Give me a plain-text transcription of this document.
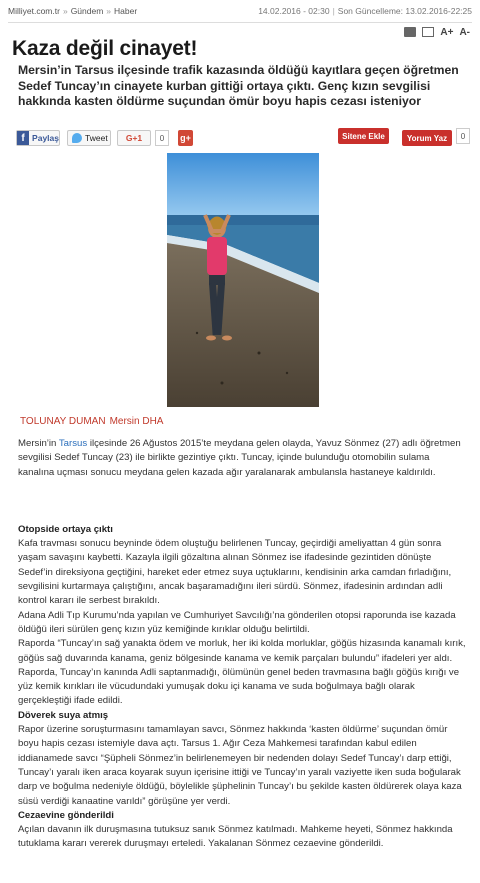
Milliyet.com.tr » Gündem » Haber	14.02.2016 - 02:30 | Son Güncelleme: 13.02.2016-22:25
A+ A-
Kaza değil cinayet!
Mersin’in Tarsus ilçesinde trafik kazasında öldüğü kayıtlara geçen öğretmen Sedef Tuncay’ın cinayete kurban gittiği ortaya çıktı. Genç kızın sevgilisi hakkında kasten öldürme suçundan ömür boyu hapis cezası isteniyor
f Paylaş	Tweet	G+1	0	g+	Sitene Ekle	Yorum Yaz	0
TOLUNAY DUMAN Mersin DHA

Mersin’in Tarsus ilçesinde 26 Ağustos 2015’te meydana gelen olayda, Yavuz Sönmez (27) adlı öğretmen sevgilisi Sedef Tuncay (23) ile birlikte gezintiye çıktı. Tuncay, içinde bulunduğu otomobilin sulama kanalına uçması sonucu meydana gelen kazada ağır yaralanarak ambulansla hastaneye kaldırıldı.

Otopside ortaya çıktı

Kafa travması sonucu beyninde ödem oluştuğu belirlenen Tuncay, geçirdiği ameliyattan 4 gün sonra yaşam savaşını kaybetti. Kazayla ilgili gözaltına alınan Sönmez ise ifadesinde gezintiden dönüşte Sedef’in direksiyona geçtiğini, hareket eder etmez suya uçtuklarını, kendisinin arka camdan fırladığını, sevgilisini kurtarmaya çalıştığını, ancak başaramadığını ileri sürdü. Sönmez, ifadesinin ardından adli kontrol kararı ile serbest bırakıldı.

Adana Adli Tıp Kurumu’nda yapılan ve Cumhuriyet Savcılığı’na gönderilen otopsi raporunda ise kazada öldüğü ileri sürülen genç kızın yüz kemiğinde kırıklar olduğu belirtildi.

Raporda “Tuncay’ın sağ yanakta ödem ve morluk, her iki kolda morluklar, göğüs hizasında kanamalı kırık, göğüs sağ duvarında kanama, geniz bölgesinde kanama ve kemik parçaları bulundu” ifadeleri yer aldı. Raporda, Tuncay’ın kanında Adli saptanmadığı, ölümünün genel beden travmasına bağlı göğüs kırığı ve yüz kemik kırıkları ile vücudundaki yumuşak doku içi kanama ve suda boğulmaya bağlı olarak gerçekleştiği ifade edildi.

Döverek suya atmış

Rapor üzerine soruşturmasını tamamlayan savcı, Sönmez hakkında ‘kasten öldürme’ suçundan ömür boyu hapis cezası istemiyle dava açtı. Tarsus 1. Ağır Ceza Mahkemesi tarafından kabul edilen iddianamede savcı “Şüpheli Sönmez’in belirlenemeyen bir nedenden dolayı Sedef Tuncay’ı darp ettiği, Tuncay’ı yaralı iken araca koyarak suyun içerisine ittiği ve Tuncay’ın yaralı vaziyette iken suda boğularak darp ve boğulma nedeniyle öldüğü, böylelikle şüphelinin Tuncay’ı bu şekilde kasten öldürerek olaya kaza süsü verdiği kanaatine varıldı” görüşüne yer verdi.

Cezaevine gönderildi

Açılan davanın ilk duruşmasına tutuksuz sanık Sönmez katılmadı. Mahkeme heyeti, Sönmez hakkında tutuklama kararı vererek duruşmayı erteledi. Yakalanan Sönmez cezaevine gönderildi.
